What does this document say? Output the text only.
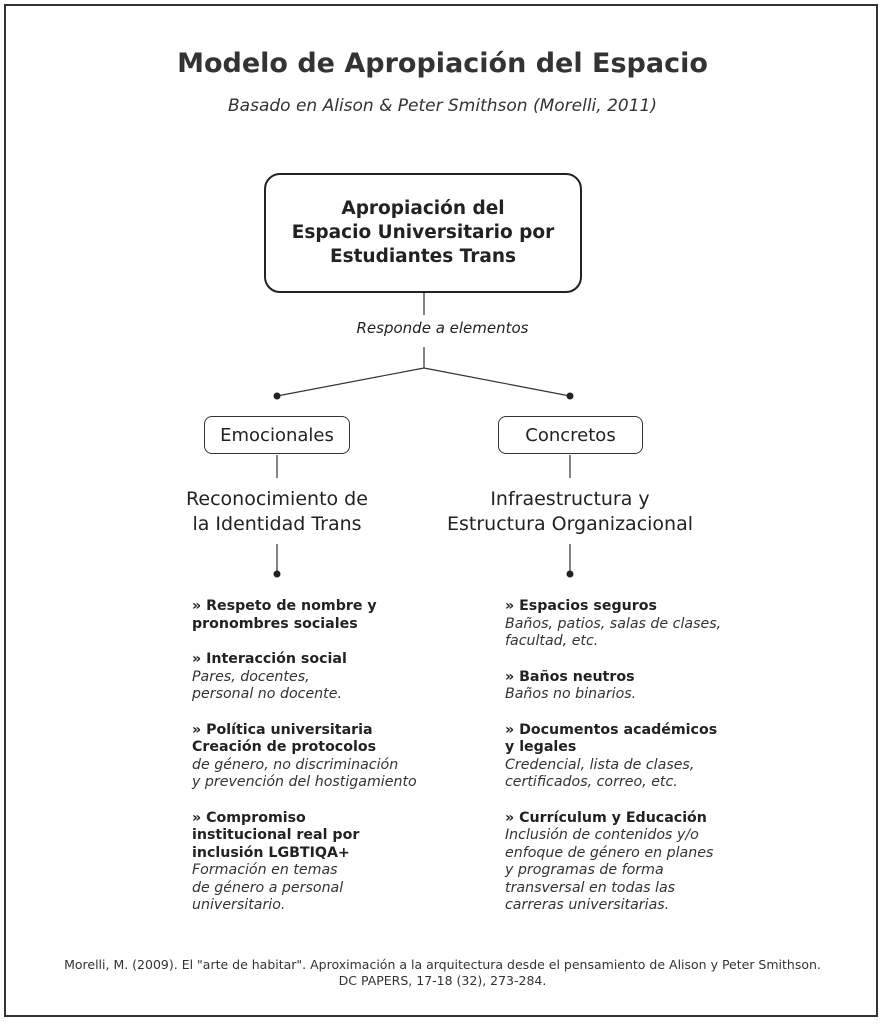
Modelo de Apropiación del Espacio
Basado en Alison & Peter Smithson (Morelli, 2011)
Apropiación del
Espacio Universitario por
Estudiantes Trans
Responde a elementos
Emocionales
Reconocimiento de
la Identidad Trans
» Respeto de nombre y
pronombres sociales
» Interacción social
Pares, docentes,
personal no docente.
» Política universitaria
Creación de protocolos
de género, no discriminación
y prevención del hostigamiento
» Compromiso
institucional real por
inclusión LGBTIQA+
Formación en temas
de género a personal
universitario.
Concretos
Infraestructura y
Estructura Organizacional
» Espacios seguros
Baños, patios, salas de clases,
facultad, etc.
» Baños neutros
Baños no binarios.
» Documentos académicos
y legales
Credencial, lista de clases,
certificados, correo, etc.
» Currículum y Educación
Inclusión de contenidos y/o
enfoque de género en planes
y programas de forma
transversal en todas las
carreras universitarias.
Morelli, M. (2009). El "arte de habitar". Aproximación a la arquitectura desde el pensamiento de Alison y Peter Smithson.
DC PAPERS, 17-18 (32), 273-284.
